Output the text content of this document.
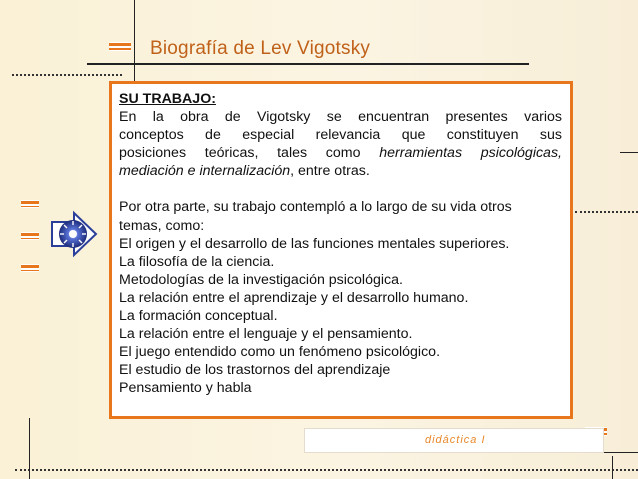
Biografía de Lev Vigotsky

SU TRABAJO:

En la obra de Vigotsky se encuentran presentes varios

conceptos de especial relevancia que constituyen sus

posiciones teóricas, tales como herramientas psicológicas,

mediación e internalización, entre otras.

Por otra parte, su trabajo contempló a lo largo de su vida otros

temas, como:

El origen y el desarrollo de las funciones mentales superiores.

La filosofía de la ciencia.

Metodologías de la investigación psicológica.

La relación entre el aprendizaje y el desarrollo humano.

La formación conceptual.

La relación entre el lenguaje y el pensamiento.

El juego entendido como un fenómeno psicológico.

El estudio de los trastornos del aprendizaje

Pensamiento y habla

didáctica I
